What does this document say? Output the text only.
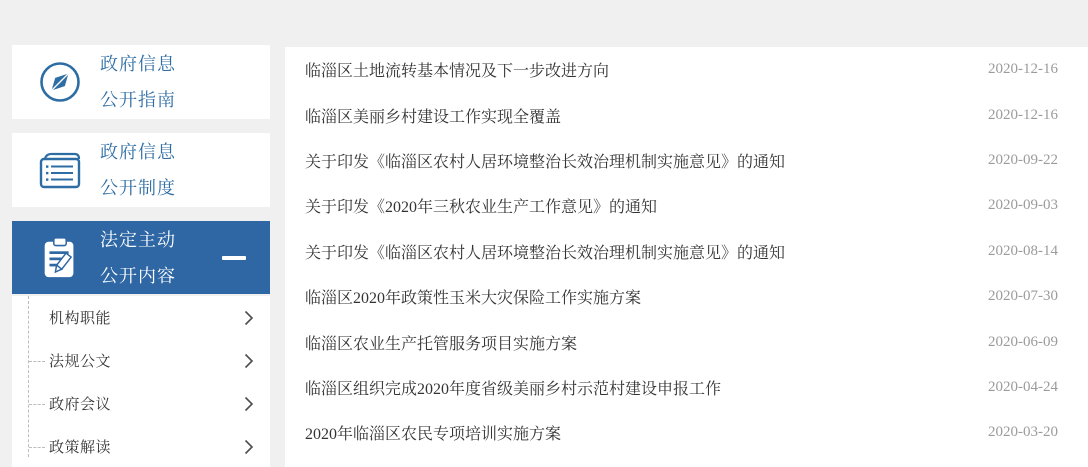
政府信息
公开指南
政府信息
公开制度
法定主动
公开内容
机构职能
法规公文
政府会议
政策解读
临淄区土地流转基本情况及下一步改进方向	2020-12-16
临淄区美丽乡村建设工作实现全覆盖	2020-12-16
关于印发《临淄区农村人居环境整治长效治理机制实施意见》的通知	2020-09-22
关于印发《2020年三秋农业生产工作意见》的通知	2020-09-03
关于印发《临淄区农村人居环境整治长效治理机制实施意见》的通知	2020-08-14
临淄区2020年政策性玉米大灾保险工作实施方案	2020-07-30
临淄区农业生产托管服务项目实施方案	2020-06-09
临淄区组织完成2020年度省级美丽乡村示范村建设申报工作	2020-04-24
2020年临淄区农民专项培训实施方案	2020-03-20
